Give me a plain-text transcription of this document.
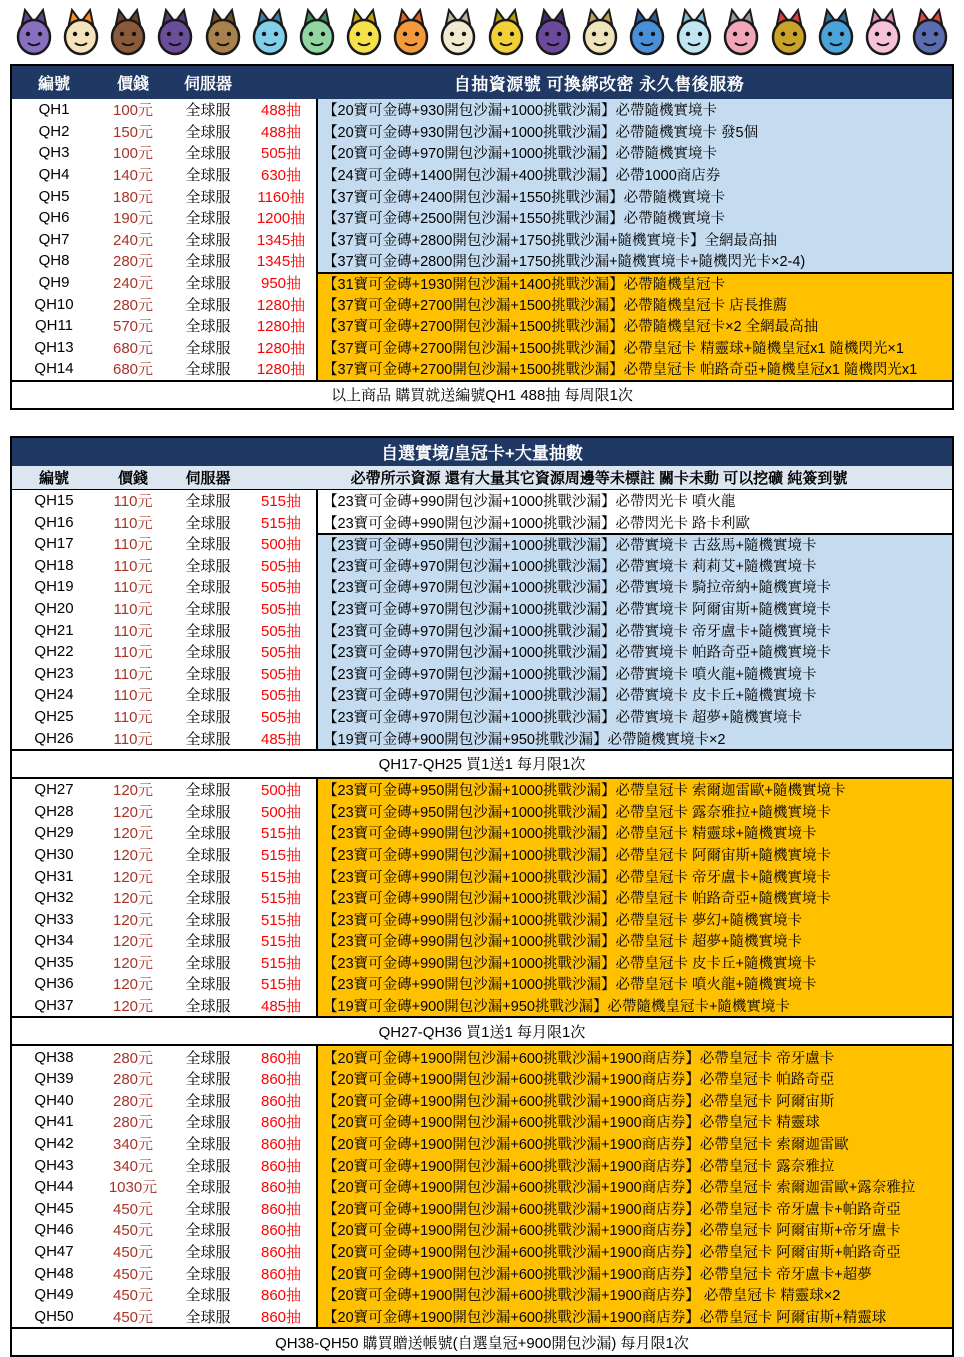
編號	價錢	伺服器	自抽資源號 可換綁改密 永久售後服務
QH1	100元	全球服	488抽	【20寶可金磚+930開包沙漏+1000挑戰沙漏】必帶隨機實境卡
QH2	150元	全球服	488抽	【20寶可金磚+930開包沙漏+1000挑戰沙漏】必帶隨機實境卡 發5個
QH3	100元	全球服	505抽	【20寶可金磚+970開包沙漏+1000挑戰沙漏】必帶隨機實境卡
QH4	140元	全球服	630抽	【24寶可金磚+1400開包沙漏+400挑戰沙漏】必帶1000商店券
QH5	180元	全球服	1160抽	【37寶可金磚+2400開包沙漏+1550挑戰沙漏】必帶隨機實境卡
QH6	190元	全球服	1200抽	【37寶可金磚+2500開包沙漏+1550挑戰沙漏】必帶隨機實境卡
QH7	240元	全球服	1345抽	【37寶可金磚+2800開包沙漏+1750挑戰沙漏+隨機實境卡】全網最高抽
QH8	280元	全球服	1345抽	【37寶可金磚+2800開包沙漏+1750挑戰沙漏+隨機實境卡+隨機閃光卡×2-4)
QH9	240元	全球服	950抽	【31寶可金磚+1930開包沙漏+1400挑戰沙漏】必帶隨機皇冠卡
QH10	280元	全球服	1280抽	【37寶可金磚+2700開包沙漏+1500挑戰沙漏】必帶隨機皇冠卡 店長推薦
QH11	570元	全球服	1280抽	【37寶可金磚+2700開包沙漏+1500挑戰沙漏】必帶隨機皇冠卡×2 全網最高抽
QH13	680元	全球服	1280抽	【37寶可金磚+2700開包沙漏+1500挑戰沙漏】必帶皇冠卡 精靈球+隨機皇冠x1 隨機閃光×1
QH14	680元	全球服	1280抽	【37寶可金磚+2700開包沙漏+1500挑戰沙漏】必帶皇冠卡 帕路奇亞+隨機皇冠x1 隨機閃光x1
以上商品 購買就送編號QH1 488抽 每周限1次
自選實境/皇冠卡+大量抽數
編號	價錢	伺服器	必帶所示資源 還有大量其它資源周邊等未標註 關卡未動 可以挖礦 純簽到號
QH15	110元	全球服	515抽	【23寶可金磚+990開包沙漏+1000挑戰沙漏】必帶閃光卡 噴火龍
QH16	110元	全球服	515抽	【23寶可金磚+990開包沙漏+1000挑戰沙漏】必帶閃光卡 路卡利歐
QH17	110元	全球服	500抽	【23寶可金磚+950開包沙漏+1000挑戰沙漏】必帶實境卡 古茲馬+隨機實境卡
QH18	110元	全球服	505抽	【23寶可金磚+970開包沙漏+1000挑戰沙漏】必帶實境卡 莉莉艾+隨機實境卡
QH19	110元	全球服	505抽	【23寶可金磚+970開包沙漏+1000挑戰沙漏】必帶實境卡 騎拉帝納+隨機實境卡
QH20	110元	全球服	505抽	【23寶可金磚+970開包沙漏+1000挑戰沙漏】必帶實境卡 阿爾宙斯+隨機實境卡
QH21	110元	全球服	505抽	【23寶可金磚+970開包沙漏+1000挑戰沙漏】必帶實境卡 帝牙盧卡+隨機實境卡
QH22	110元	全球服	505抽	【23寶可金磚+970開包沙漏+1000挑戰沙漏】必帶實境卡 帕路奇亞+隨機實境卡
QH23	110元	全球服	505抽	【23寶可金磚+970開包沙漏+1000挑戰沙漏】必帶實境卡 噴火龍+隨機實境卡
QH24	110元	全球服	505抽	【23寶可金磚+970開包沙漏+1000挑戰沙漏】必帶實境卡 皮卡丘+隨機實境卡
QH25	110元	全球服	505抽	【23寶可金磚+970開包沙漏+1000挑戰沙漏】必帶實境卡 超夢+隨機實境卡
QH26	110元	全球服	485抽	【19寶可金磚+900開包沙漏+950挑戰沙漏】必帶隨機實境卡×2
QH17-QH25 買1送1 每月限1次
QH27	120元	全球服	500抽	【23寶可金磚+950開包沙漏+1000挑戰沙漏】必帶皇冠卡 索爾迦雷歐+隨機實境卡
QH28	120元	全球服	500抽	【23寶可金磚+950開包沙漏+1000挑戰沙漏】必帶皇冠卡 露奈雅拉+隨機實境卡
QH29	120元	全球服	515抽	【23寶可金磚+990開包沙漏+1000挑戰沙漏】必帶皇冠卡 精靈球+隨機實境卡
QH30	120元	全球服	515抽	【23寶可金磚+990開包沙漏+1000挑戰沙漏】必帶皇冠卡 阿爾宙斯+隨機實境卡
QH31	120元	全球服	515抽	【23寶可金磚+990開包沙漏+1000挑戰沙漏】必帶皇冠卡 帝牙盧卡+隨機實境卡
QH32	120元	全球服	515抽	【23寶可金磚+990開包沙漏+1000挑戰沙漏】必帶皇冠卡 帕路奇亞+隨機實境卡
QH33	120元	全球服	515抽	【23寶可金磚+990開包沙漏+1000挑戰沙漏】必帶皇冠卡 夢幻+隨機實境卡
QH34	120元	全球服	515抽	【23寶可金磚+990開包沙漏+1000挑戰沙漏】必帶皇冠卡 超夢+隨機實境卡
QH35	120元	全球服	515抽	【23寶可金磚+990開包沙漏+1000挑戰沙漏】必帶皇冠卡 皮卡丘+隨機實境卡
QH36	120元	全球服	515抽	【23寶可金磚+990開包沙漏+1000挑戰沙漏】必帶皇冠卡 噴火龍+隨機實境卡
QH37	120元	全球服	485抽	【19寶可金磚+900開包沙漏+950挑戰沙漏】必帶隨機皇冠卡+隨機實境卡
QH27-QH36 買1送1 每月限1次
QH38	280元	全球服	860抽	【20寶可金磚+1900開包沙漏+600挑戰沙漏+1900商店券】必帶皇冠卡 帝牙盧卡
QH39	280元	全球服	860抽	【20寶可金磚+1900開包沙漏+600挑戰沙漏+1900商店券】必帶皇冠卡 帕路奇亞
QH40	280元	全球服	860抽	【20寶可金磚+1900開包沙漏+600挑戰沙漏+1900商店券】必帶皇冠卡 阿爾宙斯
QH41	280元	全球服	860抽	【20寶可金磚+1900開包沙漏+600挑戰沙漏+1900商店券】必帶皇冠卡 精靈球
QH42	340元	全球服	860抽	【20寶可金磚+1900開包沙漏+600挑戰沙漏+1900商店券】必帶皇冠卡 索爾迦雷歐
QH43	340元	全球服	860抽	【20寶可金磚+1900開包沙漏+600挑戰沙漏+1900商店券】必帶皇冠卡 露奈雅拉
QH44	1030元	全球服	860抽	【20寶可金磚+1900開包沙漏+600挑戰沙漏+1900商店券】必帶皇冠卡 索爾迦雷歐+露奈雅拉
QH45	450元	全球服	860抽	【20寶可金磚+1900開包沙漏+600挑戰沙漏+1900商店券】必帶皇冠卡 帝牙盧卡+帕路奇亞
QH46	450元	全球服	860抽	【20寶可金磚+1900開包沙漏+600挑戰沙漏+1900商店券】必帶皇冠卡 阿爾宙斯+帝牙盧卡
QH47	450元	全球服	860抽	【20寶可金磚+1900開包沙漏+600挑戰沙漏+1900商店券】必帶皇冠卡 阿爾宙斯+帕路奇亞
QH48	450元	全球服	860抽	【20寶可金磚+1900開包沙漏+600挑戰沙漏+1900商店券】必帶皇冠卡 帝牙盧卡+超夢
QH49	450元	全球服	860抽	【20寶可金磚+1900開包沙漏+600挑戰沙漏+1900商店券】 必帶皇冠卡 精靈球×2
QH50	450元	全球服	860抽	【20寶可金磚+1900開包沙漏+600挑戰沙漏+1900商店券】必帶皇冠卡 阿爾宙斯+精靈球
QH38-QH50 購買贈送帳號(自選皇冠+900開包沙漏) 每月限1次
